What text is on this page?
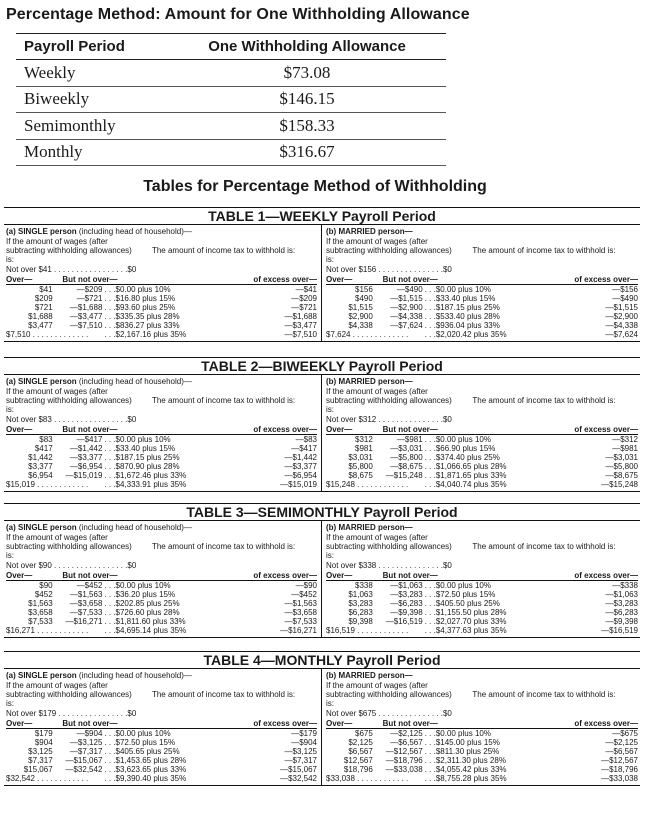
Percentage Method: Amount for One Withholding Allowance
Payroll Period	One Withholding Allowance
Weekly	$73.08
Biweekly	$146.15
Semimonthly	$158.33
Monthly	$316.67
Tables for Percentage Method of Withholding
TABLE 1—WEEKLY Payroll Period
(a) SINGLE person (including head of household)—
If the amount of wages (after subtracting withholding allowances) is:
The amount of income tax to withhold is:
Not over $41 . . . . . . . . . . . . . . . . . $0
Over—	But not over—	of excess over—
$41	—$209 . . .$0.00 plus 10%	—$41
$209	—$721 . . .$16.80 plus 15%	—$209
$721	—$1,688 . . .$93.60 plus 25%	—$721
$1,688	—$3,477 . . .$335.35 plus 28%	—$1,688
$3,477	—$7,510 . . .$836.27 plus 33%	—$3,477
$7,510 . . . . . . . . . . . . .	. . .$2,167.16 plus 35%	—$7,510
(b) MARRIED person—
If the amount of wages (after subtracting withholding allowances) is:
The amount of income tax to withhold is:
Not over $156 . . . . . . . . . . . . . . . $0
Over—	But not over—	of excess over—
$156	—$490 . . .$0.00 plus 10%	—$156
$490	—$1,515 . . .$33.40 plus 15%	—$490
$1,515	—$2,900 . . .$187.15 plus 25%	—$1,515
$2,900	—$4,338 . . .$533.40 plus 28%	—$2,900
$4,338	—$7,624 . . .$936.04 plus 33%	—$4,338
$7,624 . . . . . . . . . . . . .	. . .$2,020.42 plus 35%	—$7,624
TABLE 2—BIWEEKLY Payroll Period
(a) SINGLE person (including head of household)—
If the amount of wages (after subtracting withholding allowances) is:
The amount of income tax to withhold is:
Not over $83 . . . . . . . . . . . . . . . . . $0
Over—	But not over—	of excess over—
$83	—$417 . . .$0.00 plus 10%	—$83
$417	—$1,442 . . .$33.40 plus 15%	—$417
$1,442	—$3,377 . . .$187.15 plus 25%	—$1,442
$3,377	—$6,954 . . .$870.90 plus 28%	—$3,377
$6,954	—$15,019 . . .$1,672.46 plus 33%	—$6,954
$15,019 . . . . . . . . . . . .	. . .$4,333.91 plus 35%	—$15,019
(b) MARRIED person—
If the amount of wages (after subtracting withholding allowances) is:
The amount of income tax to withhold is:
Not over $312 . . . . . . . . . . . . . . . $0
Over—	But not over—	of excess over—
$312	—$981 . . .$0.00 plus 10%	—$312
$981	—$3,031 . . .$66.90 plus 15%	—$981
$3,031	—$5,800 . . .$374.40 plus 25%	—$3,031
$5,800	—$8,675 . . .$1,066.65 plus 28%	—$5,800
$8,675	—$15,248 . . .$1,871.65 plus 33%	—$8,675
$15,248 . . . . . . . . . . . .	. . .$4,040.74 plus 35%	—$15,248
TABLE 3—SEMIMONTHLY Payroll Period
(a) SINGLE person (including head of household)—
If the amount of wages (after subtracting withholding allowances) is:
The amount of income tax to withhold is:
Not over $90 . . . . . . . . . . . . . . . . . $0
Over—	But not over—	of excess over—
$90	—$452 . . .$0.00 plus 10%	—$90
$452	—$1,563 . . .$36.20 plus 15%	—$452
$1,563	—$3,658 . . .$202.85 plus 25%	—$1,563
$3,658	—$7,533 . . .$726.60 plus 28%	—$3,658
$7,533	—$16,271 . . .$1,811.60 plus 33%	—$7,533
$16,271 . . . . . . . . . . . .	. . .$4,695.14 plus 35%	—$16,271
(b) MARRIED person—
If the amount of wages (after subtracting withholding allowances) is:
The amount of income tax to withhold is:
Not over $338 . . . . . . . . . . . . . . . $0
Over—	But not over—	of excess over—
$338	—$1,063 . . .$0.00 plus 10%	—$338
$1,063	—$3,283 . . .$72.50 plus 15%	—$1,063
$3,283	—$6,283 . . .$405.50 plus 25%	—$3,283
$6,283	—$9,398 . . .$1,155.50 plus 28%	—$6,283
$9,398	—$16,519 . . .$2,027.70 plus 33%	—$9,398
$16,519 . . . . . . . . . . . .	. . .$4,377.63 plus 35%	—$16,519
TABLE 4—MONTHLY Payroll Period
(a) SINGLE person (including head of household)—
If the amount of wages (after subtracting withholding allowances) is:
The amount of income tax to withhold is:
Not over $179 . . . . . . . . . . . . . . . . $0
Over—	But not over—	of excess over—
$179	—$904 . . .$0.00 plus 10%	—$179
$904	—$3,125 . . .$72.50 plus 15%	—$904
$3,125	—$7,317 . . .$405.65 plus 25%	—$3,125
$7,317	—$15,067 . . .$1,453.65 plus 28%	—$7,317
$15,067	—$32,542 . . .$3,623.65 plus 33%	—$15,067
$32,542 . . . . . . . . . . . .	. . .$9,390.40 plus 35%	—$32,542
(b) MARRIED person—
If the amount of wages (after subtracting withholding allowances) is:
The amount of income tax to withhold is:
Not over $675 . . . . . . . . . . . . . . . $0
Over—	But not over—	of excess over—
$675	—$2,125 . . .$0.00 plus 10%	—$675
$2,125	—$6,567 . . .$145.00 plus 15%	—$2,125
$6,567	—$12,567 . . .$811.30 plus 25%	—$6,567
$12,567	—$18,796 . . .$2,311.30 plus 28%	—$12,567
$18,796	—$33,038 . . .$4,055.42 plus 33%	—$18,796
$33,038 . . . . . . . . . . . .	. . .$8,755.28 plus 35%	—$33,038
